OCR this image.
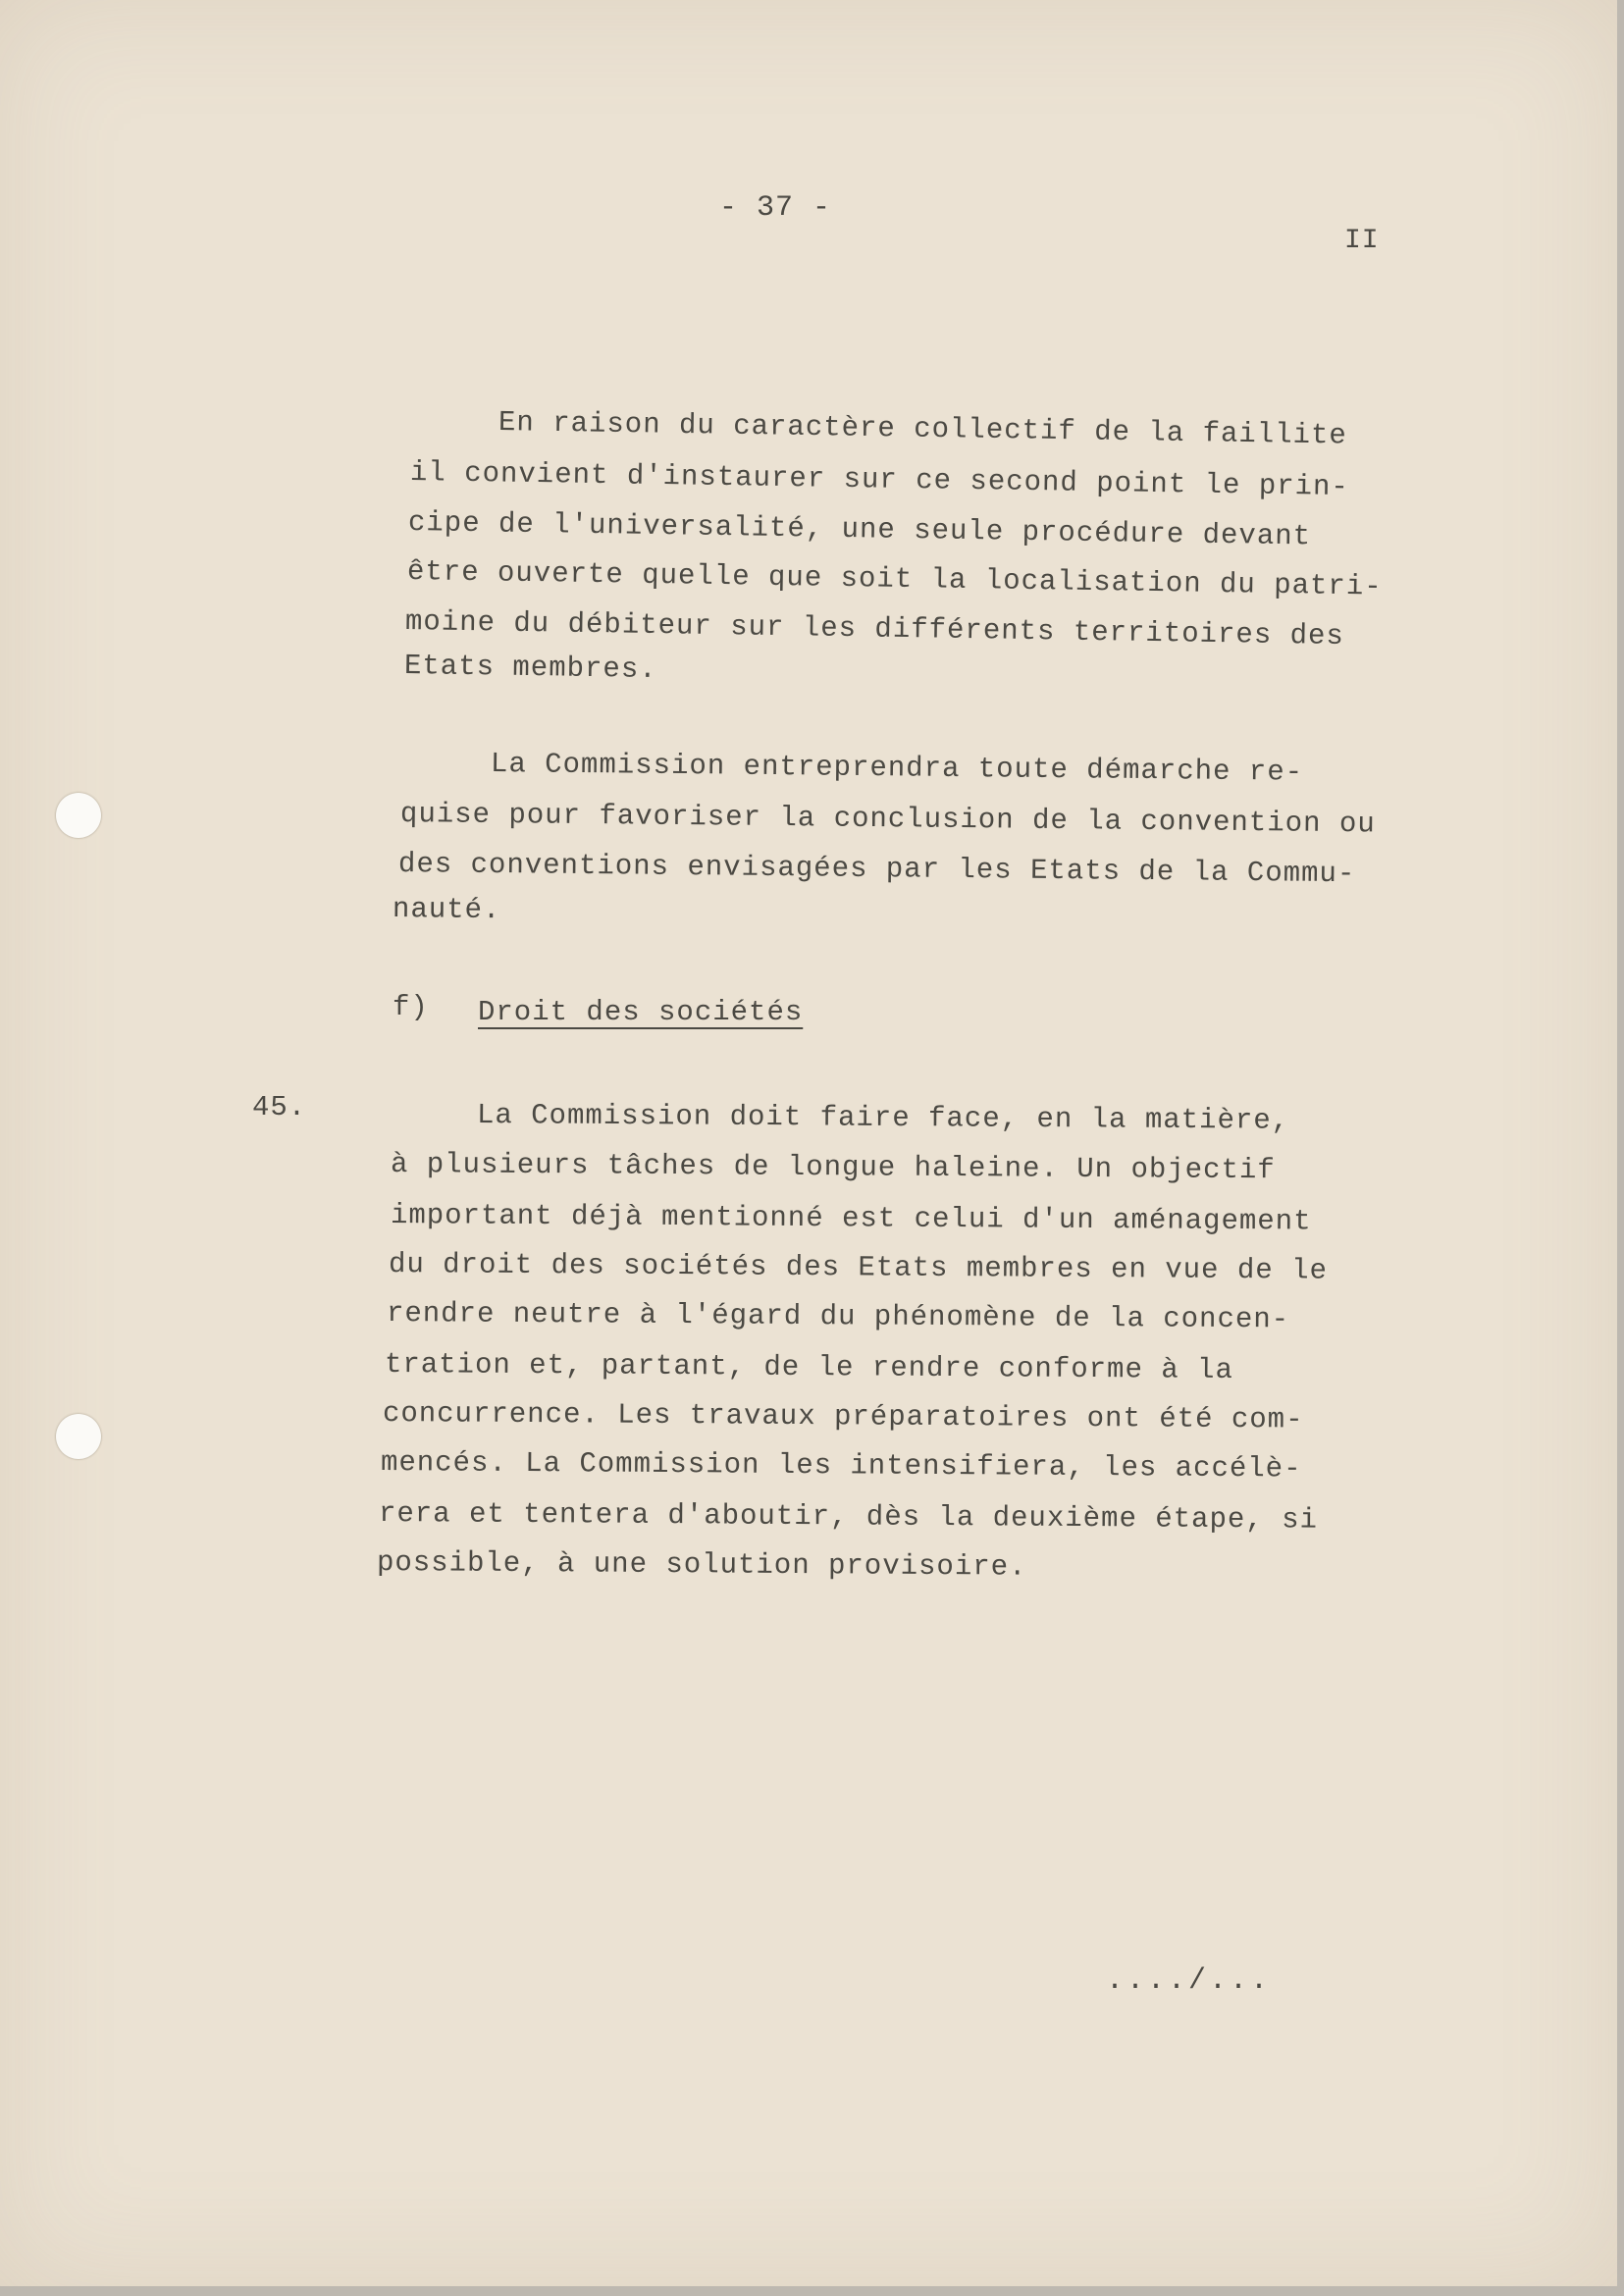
- 37 -
II
En raison du caractère collectif de la faillite
il convient d'instaurer sur ce second point le prin-
cipe de l'universalité, une seule procédure devant
être ouverte quelle que soit la localisation du patri-
moine du débiteur sur les différents territoires des
Etats membres.
La Commission entreprendra toute démarche re-
quise pour favoriser la conclusion de la convention ou
des conventions envisagées par les Etats de la Commu-
nauté.
f) Droit des sociétés
45.	La Commission doit faire face, en la matière,
à plusieurs tâches de longue haleine. Un objectif
important déjà mentionné est celui d'un aménagement
du droit des sociétés des Etats membres en vue de le
rendre neutre à l'égard du phénomène de la concen-
tration et, partant, de le rendre conforme à la
concurrence. Les travaux préparatoires ont été com-
mencés. La Commission les intensifiera, les accélè-
rera et tentera d'aboutir, dès la deuxième étape, si
possible, à une solution provisoire.
..../...
